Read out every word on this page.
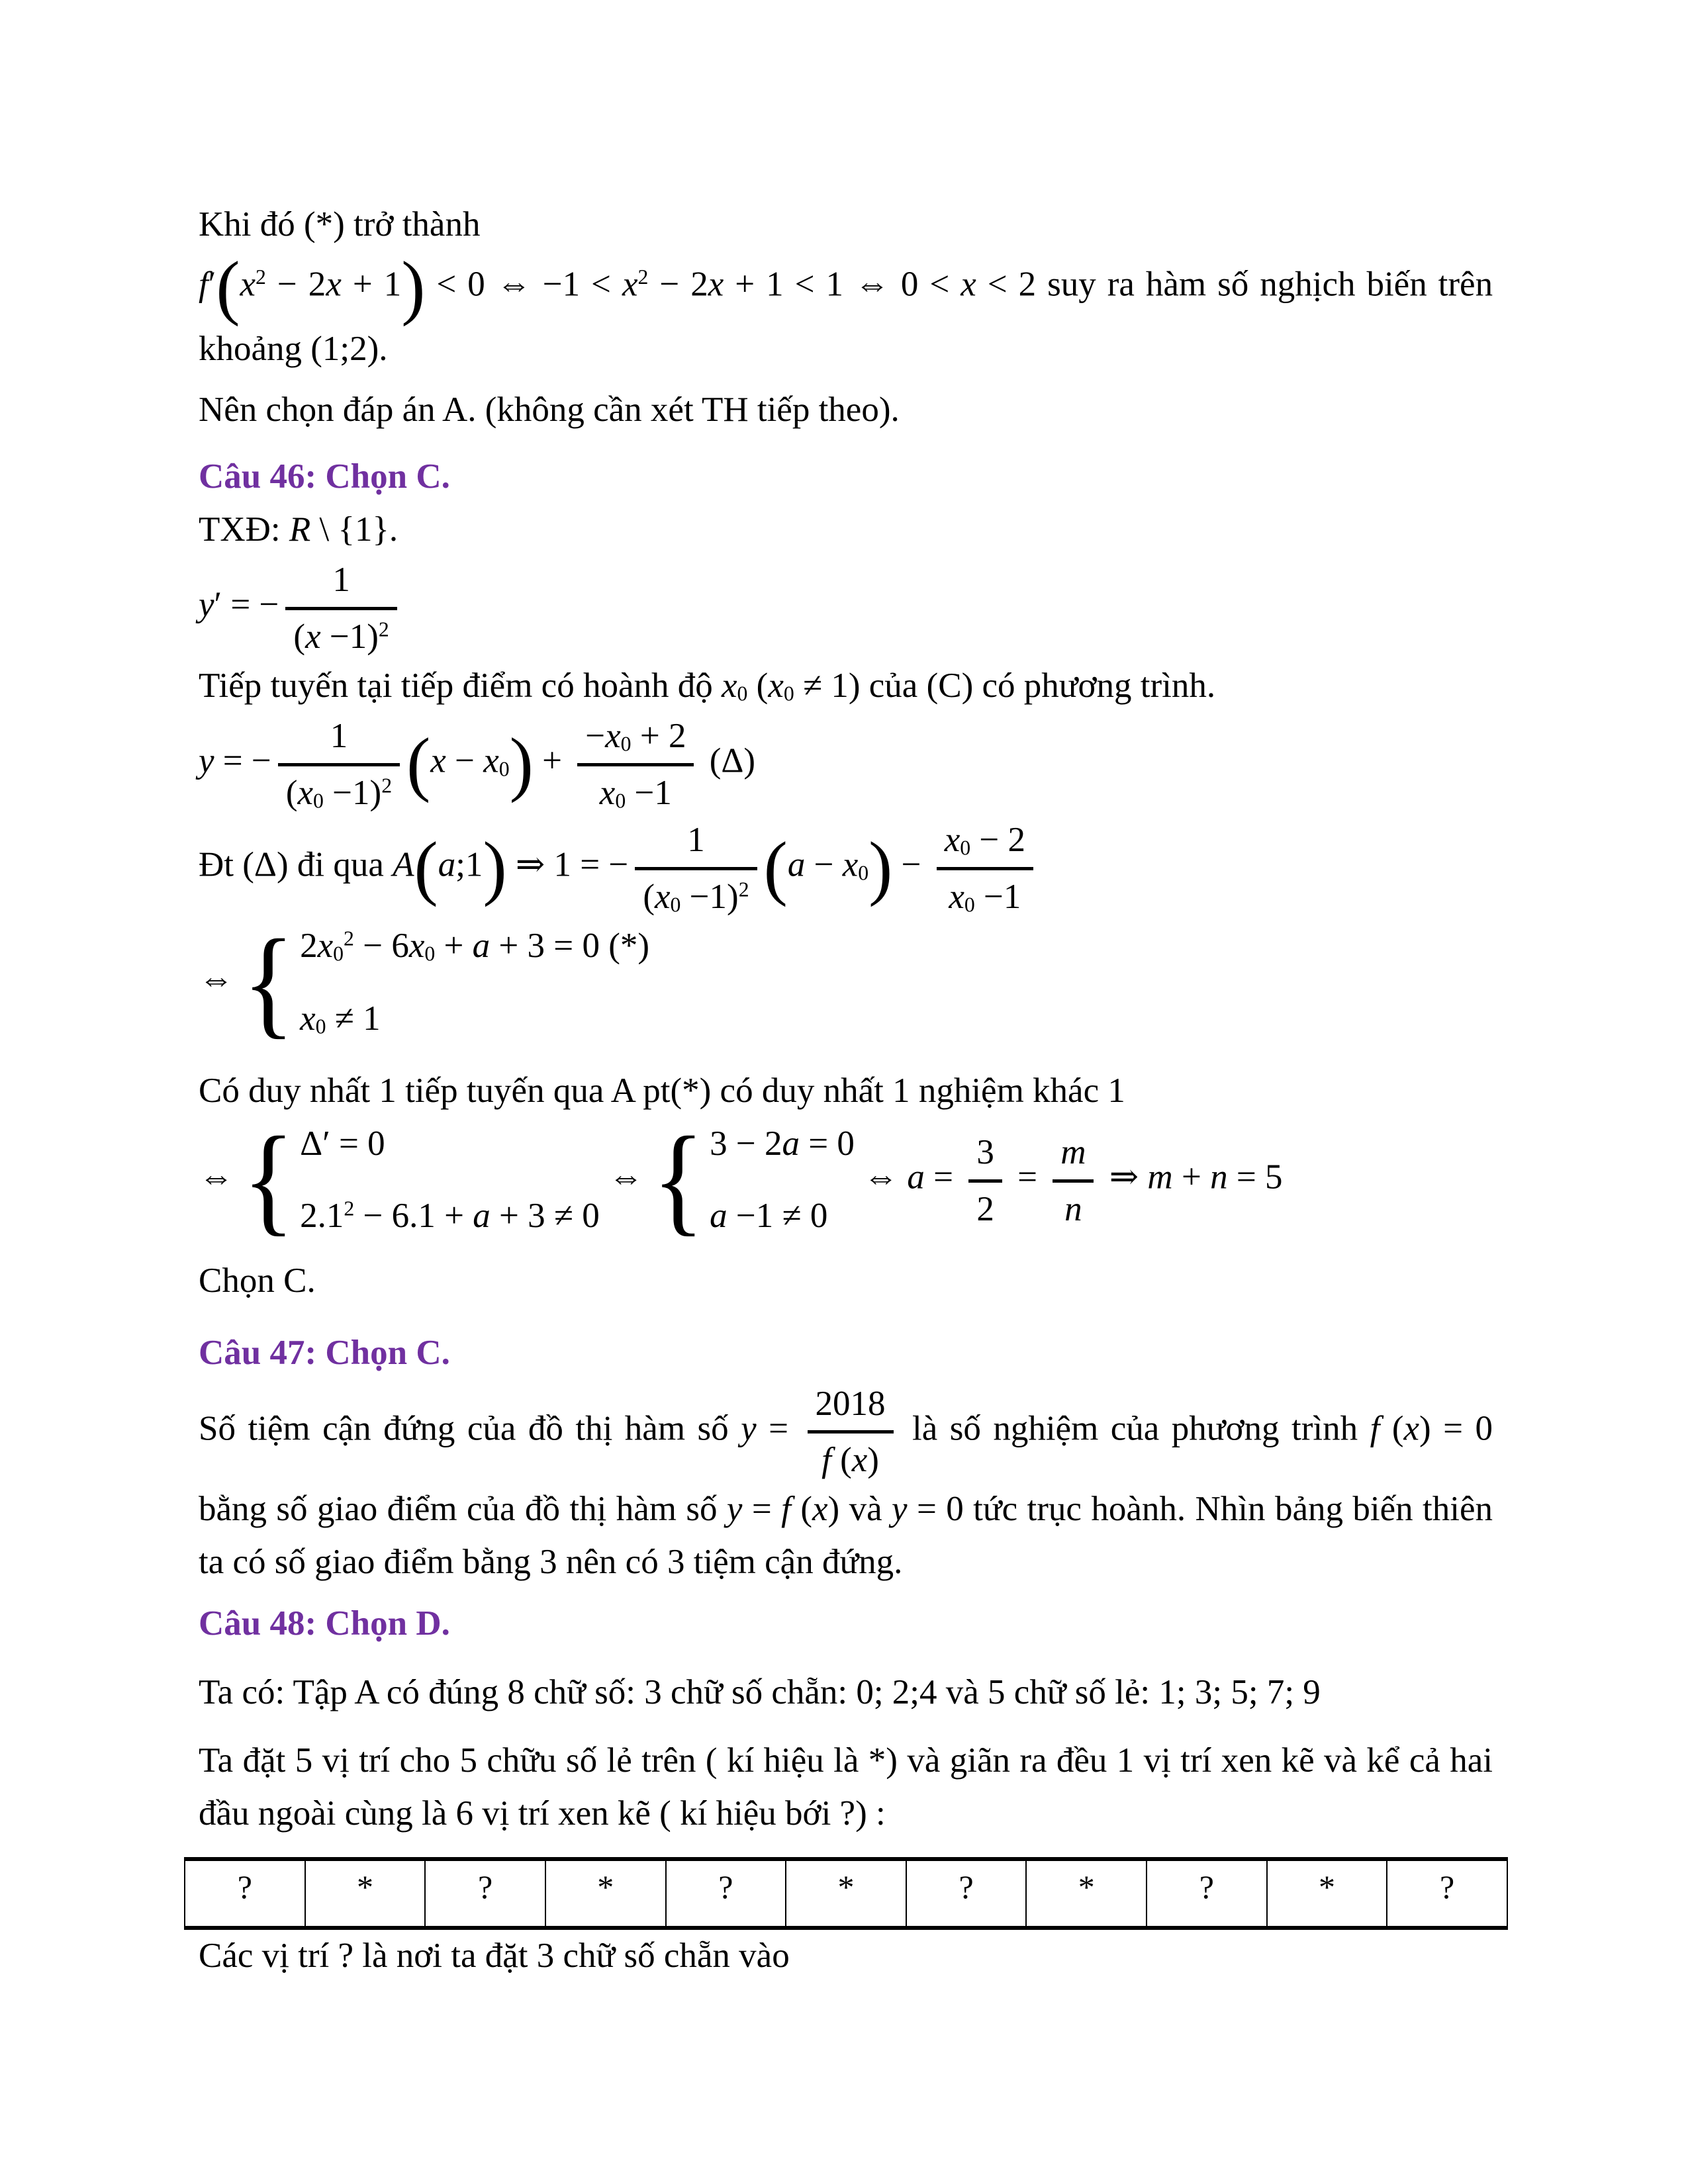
Khi đó (*) trở thành

$f'(x^2 - 2x + 1) < 0$ ⇔ $-1 < x^2 - 2x + 1 < 1$ ⇔ 0 < x < 2 suy ra hàm số nghịch biến trên khoảng (1;2).

Nên chọn đáp án A. (không cần xét TH tiếp theo).

Câu 46: Chọn C.

TXĐ: R \ {1}.
y′ = − $\frac{1}{(x -1)^2}$
Tiếp tuyến tại tiếp điểm có hoành độ x0 (x0 ≠ 1) của (C) có phương trình.
y = − $\frac{1}{(x0 -1)^2} (x - x0) + \frac{-x0 + 2}{x0 -1} (\Delta)$
Đt (Δ) đi qua A(a;1) ⇒ 1 = − $\frac{1}{(x0 -1)^2} (a - x0) - \frac{x0 - 2}{x0 -1}$
⇔ { $2x0^2 - 6x0 + a + 3 = 0$ (*)
x0 ≠ 1

Có duy nhất 1 tiếp tuyến qua A pt(*) có duy nhất 1 nghiệm khác 1

⇔ { Δ′ = 0
$2.1^2 - 6.1 + a + 3 \ne 0$
⇔ { 3 − 2a = 0
a −1 ≠ 0
⇔ $a = \frac{3}{2} = \frac{m}{n}$ ⇒ m + n = 5

Chọn C.

Câu 47: Chọn C.

Số tiệm cận đứng của đồ thị hàm số $y = \frac{2018}{f (x)}$ là số nghiệm của phương trình f (x) = 0 bằng số giao điểm của đồ thị hàm số y = f (x) và y = 0 tức trục hoành. Nhìn bảng biến thiên ta có số giao điểm bằng 3 nên có 3 tiệm cận đứng.

Câu 48: Chọn D.

Ta có: Tập A có đúng 8 chữ số: 3 chữ số chẵn: 0; 2;4 và 5 chữ số lẻ: 1; 3; 5; 7; 9

Ta đặt 5 vị trí cho 5 chữu số lẻ trên ( kí hiệu là *) và giãn ra đều 1 vị trí xen kẽ và kể cả hai đầu ngoài cùng là 6 vị trí xen kẽ ( kí hiệu bới ?) :

?	*	?	*	?	*	?	*	?	*	?

Các vị trí ? là nơi ta đặt 3 chữ số chẵn vào
